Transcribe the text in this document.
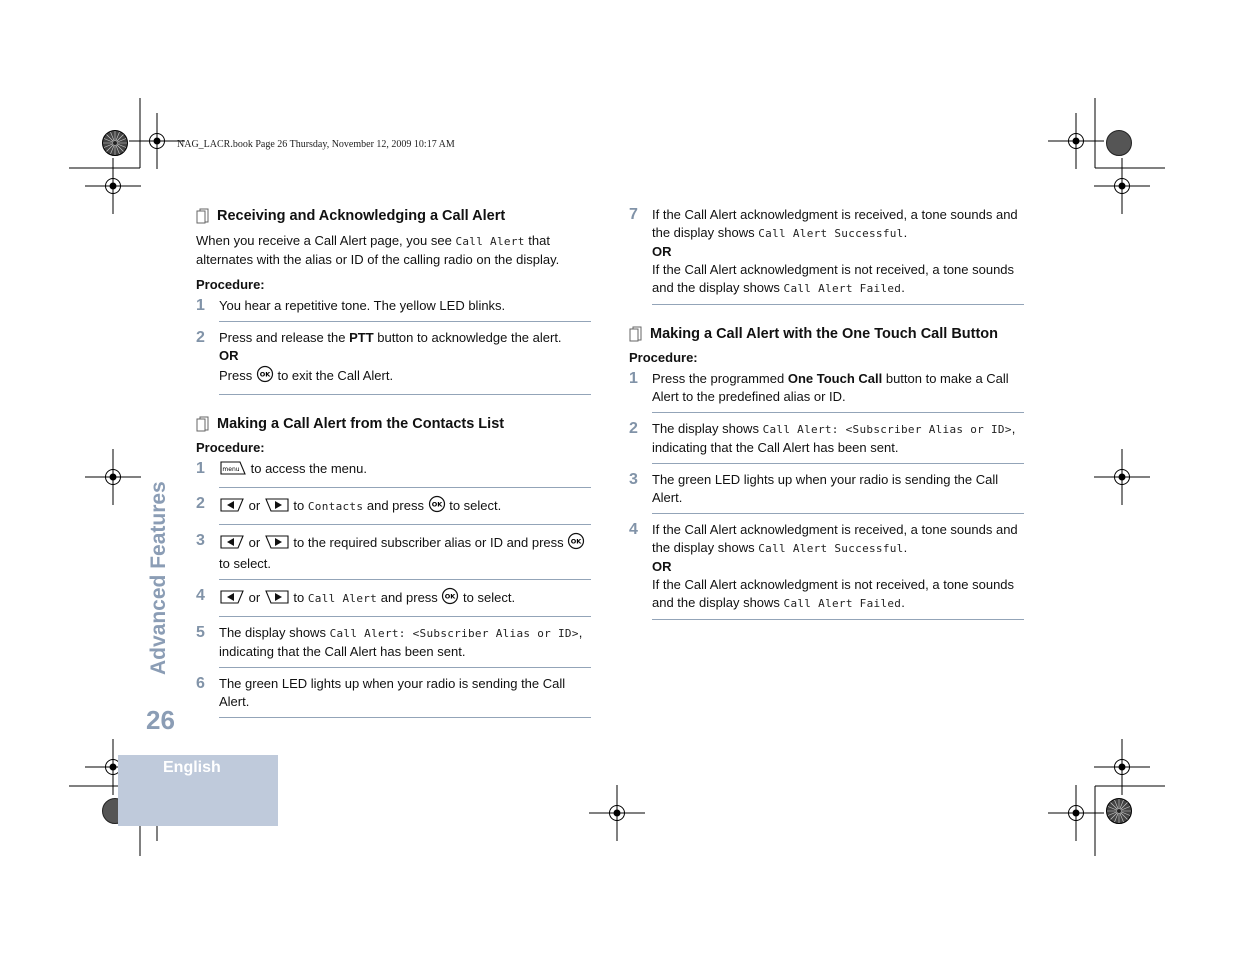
NAG_LACR.book Page 26 Thursday, November 12, 2009 10:17 AM
Receiving and Acknowledging a Call Alert

When you receive a Call Alert page, you see Call Alert that alternates with the alias or ID of the calling radio on the display.

Procedure:

1	You hear a repetitive tone. The yellow LED blinks.
2	Press and release the PTT button to acknowledge the alert.
OR
Press OK to exit the Call Alert.
Making a Call Alert from the Contacts List

Procedure:

1	menu to access the menu.
2	or  to Contacts and press OK to select.
3	or  to the required subscriber alias or ID and press OK
to select.
4	or  to Call Alert and press OK to select.
5	The display shows Call Alert: <Subscriber Alias or ID>, indicating that the Call Alert has been sent.
6	The green LED lights up when your radio is sending the Call Alert.
7	If the Call Alert acknowledgment is received, a tone sounds and the display shows Call Alert Successful.
OR
If the Call Alert acknowledgment is not received, a tone sounds and the display shows Call Alert Failed.
Making a Call Alert with the One Touch Call Button

Procedure:

1	Press the programmed One Touch Call button to make a Call Alert to the predefined alias or ID.
2	The display shows Call Alert: <Subscriber Alias or ID>, indicating that the Call Alert has been sent.
3	The green LED lights up when your radio is sending the Call Alert.
4	If the Call Alert acknowledgment is received, a tone sounds and the display shows Call Alert Successful.
OR
If the Call Alert acknowledgment is not received, a tone sounds and the display shows Call Alert Failed.
Advanced Features
26
English
